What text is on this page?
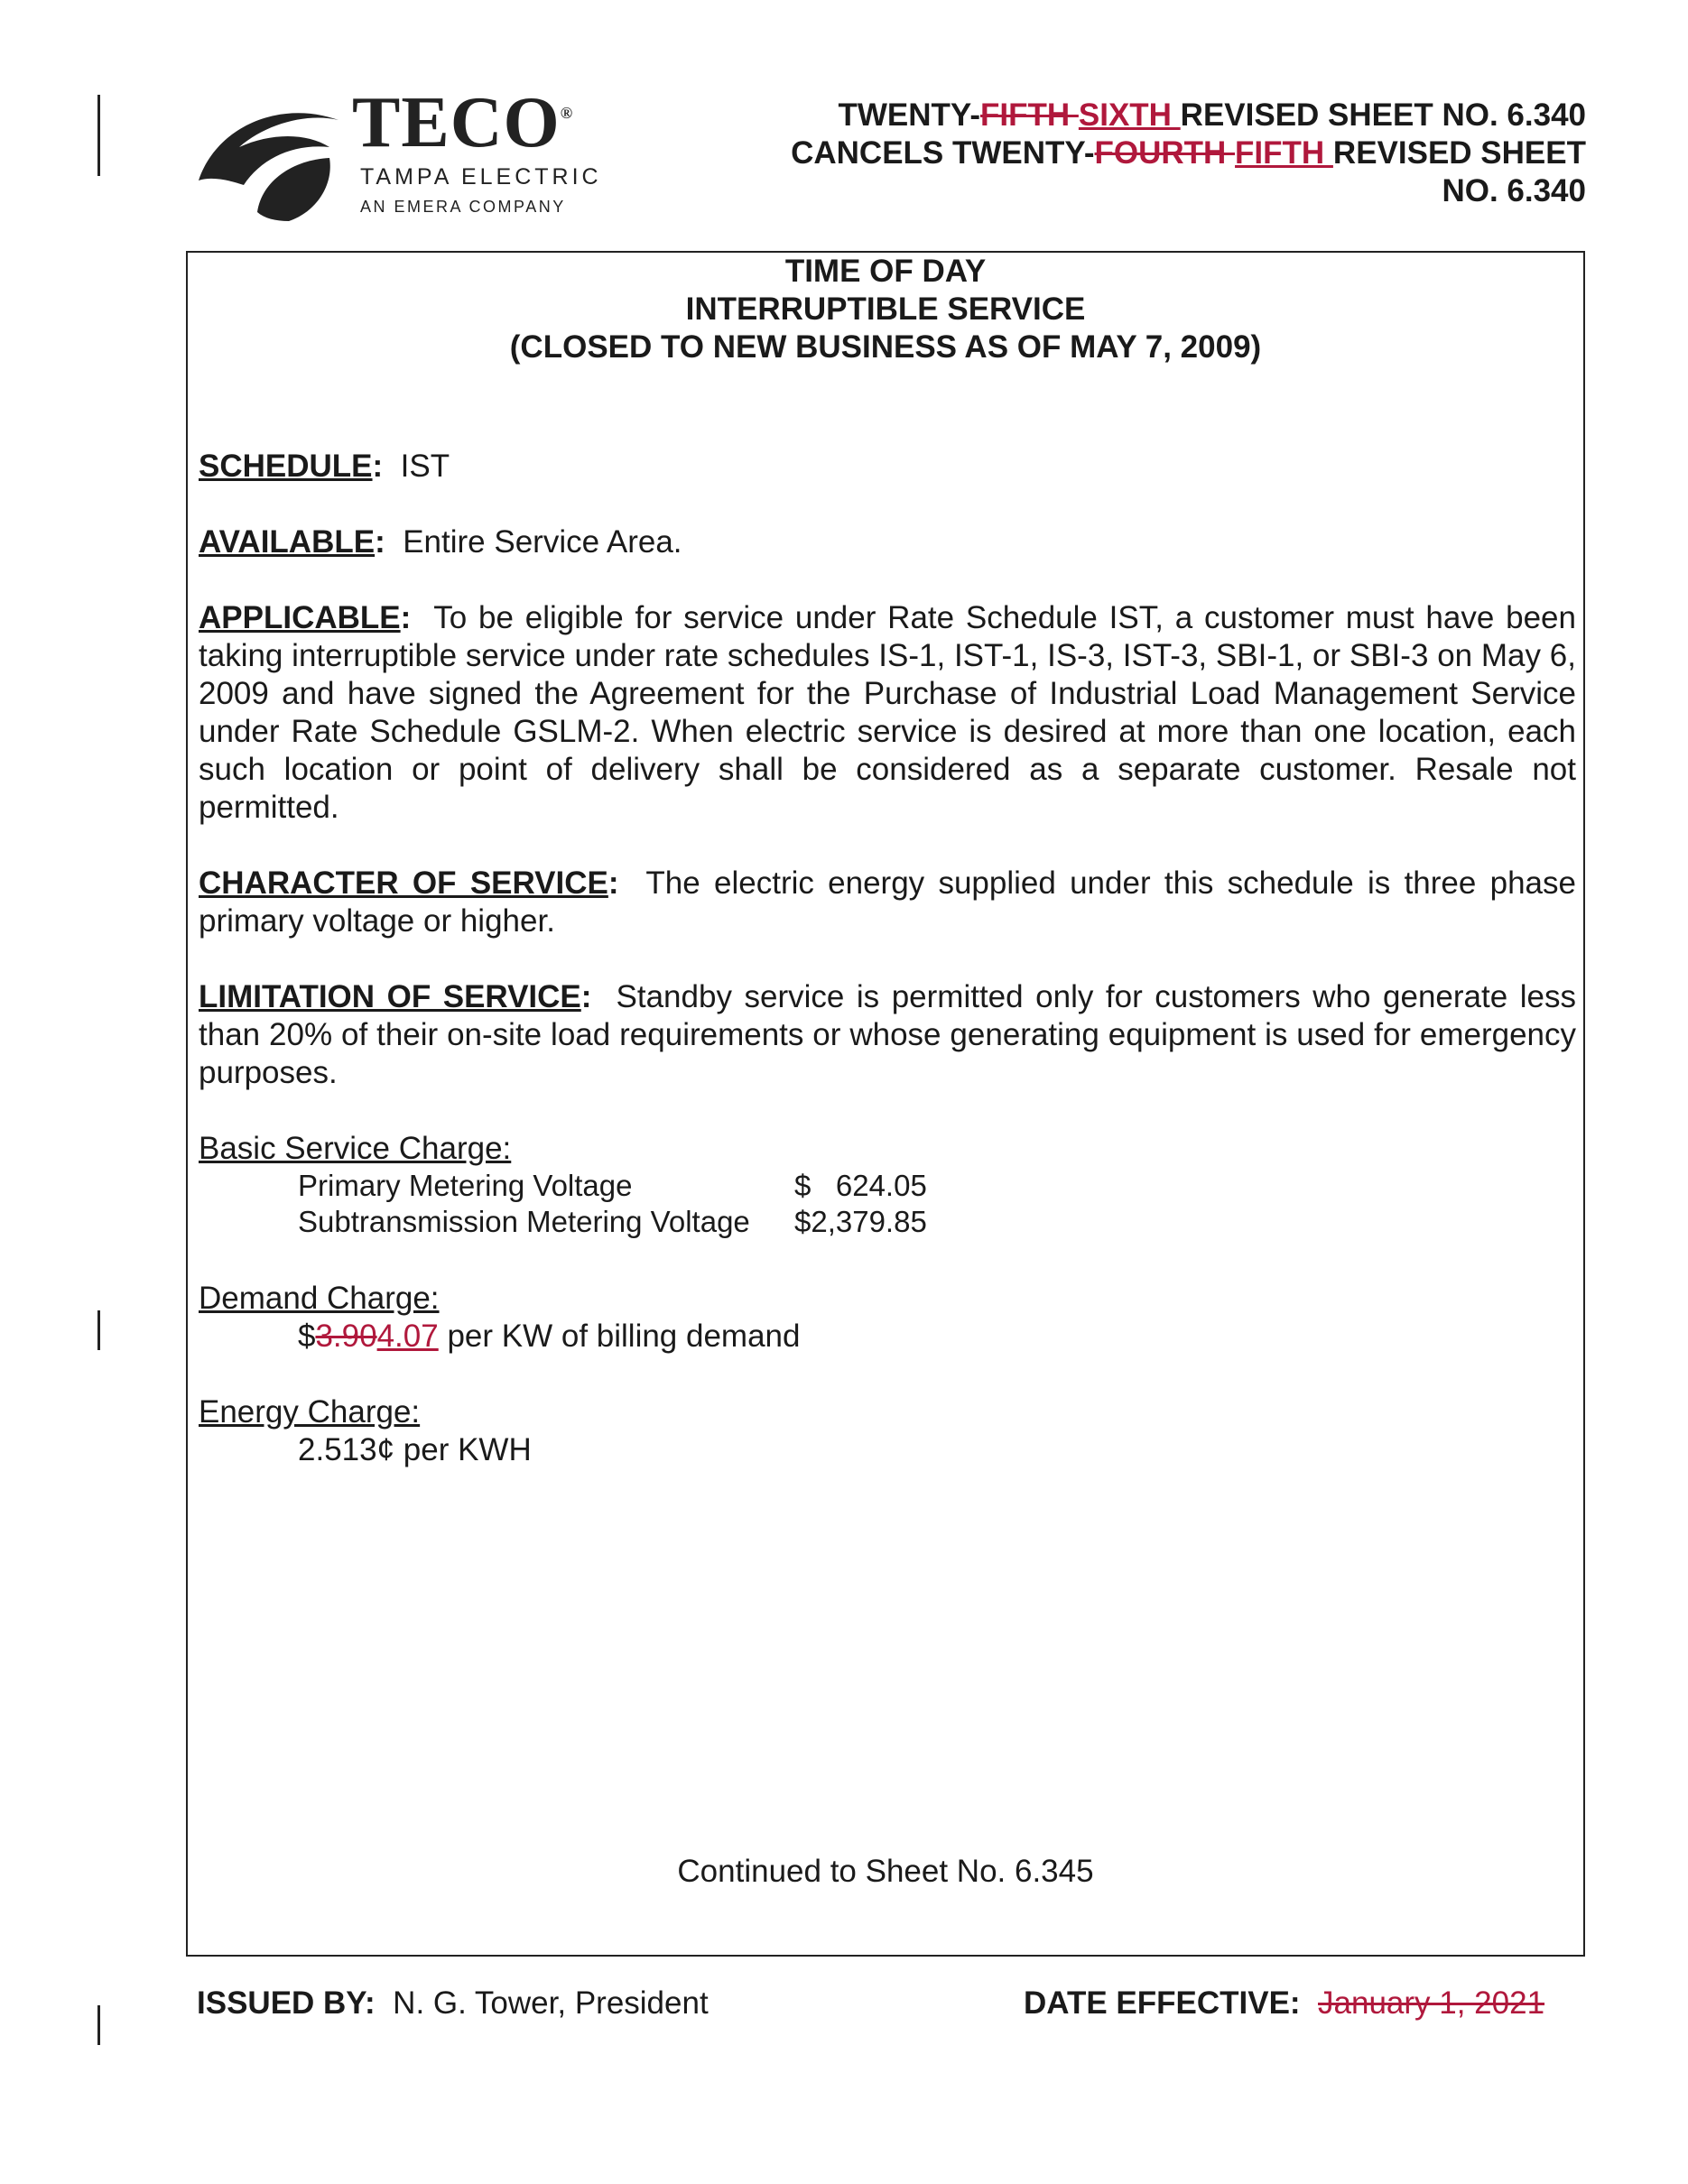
TECO®
TAMPA ELECTRIC
AN EMERA COMPANY
TWENTY-FIFTH SIXTH REVISED SHEET NO. 6.340
CANCELS TWENTY-FOURTH FIFTH REVISED SHEET
NO. 6.340
TIME OF DAY
INTERRUPTIBLE SERVICE
(CLOSED TO NEW BUSINESS AS OF MAY 7, 2009)
SCHEDULE: IST
AVAILABLE: Entire Service Area.
APPLICABLE: To be eligible for service under Rate Schedule IST, a customer must have been taking interruptible service under rate schedules IS-1, IST-1, IS-3, IST-3, SBI-1, or SBI-3 on May 6, 2009 and have signed the Agreement for the Purchase of Industrial Load Management Service under Rate Schedule GSLM-2. When electric service is desired at more than one location, each such location or point of delivery shall be considered as a separate customer. Resale not permitted.
CHARACTER OF SERVICE: The electric energy supplied under this schedule is three phase primary voltage or higher.
LIMITATION OF SERVICE: Standby service is permitted only for customers who generate less than 20% of their on-site load requirements or whose generating equipment is used for emergency purposes.
Basic Service Charge:
Primary Metering Voltage	$   624.05
Subtransmission Metering Voltage $2,379.85
Demand Charge:
$3.904.07 per KW of billing demand
Energy Charge:
2.513¢ per KWH
Continued to Sheet No. 6.345
ISSUED BY: N. G. Tower, President	DATE EFFECTIVE: January 1, 2021
